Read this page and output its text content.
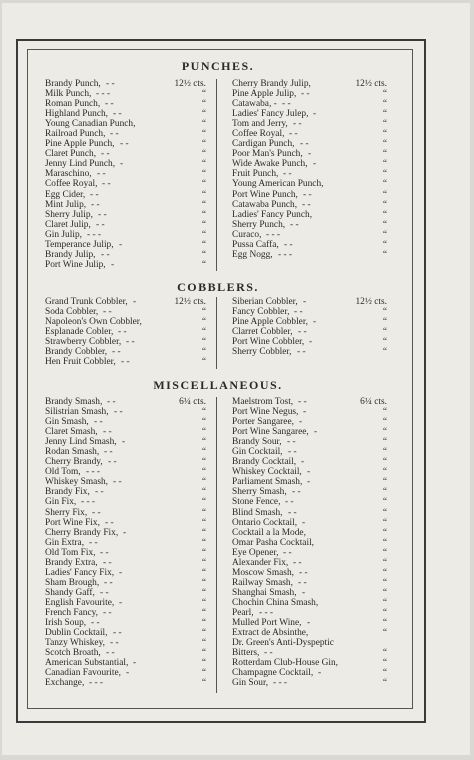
PUNCHES.
Brandy Punch, - -	12½ cts.
Milk Punch, - - -	“
Roman Punch, - -	“
Highland Punch, - -	“
Young Canadian Punch,	“
Railroad Punch, - -	“
Pine Apple Punch, - -	“
Claret Punch, - -	“
Jenny Lind Punch, -	“
Maraschino, - -	“
Coffee Royal, - -	“
Egg Cider, - -	“
Mint Julip, - -	“
Sherry Julip, - -	“
Claret Julip, - -	“
Gin Julip, - - -	“
Temperance Julip, -	“
Brandy Julip, - -	“
Port Wine Julip, -	“
Cherry Brandy Julip,	12½ cts.
Pine Apple Julip, - -	“
Catawaba, - - -	“
Ladies' Fancy Julep, -	“
Tom and Jerry, - -	“
Coffee Royal, - -	“
Cardigan Punch, - -	“
Poor Man's Punch, -	“
Wide Awake Punch, -	“
Fruit Punch, - -	“
Young American Punch,	“
Port Wine Punch, - -	“
Catawaba Punch, - -	“
Ladies' Fancy Punch,	“
Sherry Punch, - -	“
Curaco, - - -	“
Pussa Caffa, - -	“
Egg Nogg, - - -	“
COBBLERS.
Grand Trunk Cobbler, -	12½ cts.
Soda Cobbler, - -	“
Napoleon's Own Cobbler,	“
Esplanade Cobler, - -	“
Strawberry Cobbler, - -	“
Brandy Cobbler, - -	“
Hen Fruit Cobbler, - -	“
Siberian Cobbler, -	12½ cts.
Fancy Cobbler, - -	“
Pine Apple Cobbler, -	“
Clarret Cobbler, - -	“
Port Wine Cobbler, -	“
Sherry Cobbler, - -	“
MISCELLANEOUS.
Brandy Smash, - -	6¼ cts.
Silistrian Smash, - -	“
Gin Smash, - -	“
Claret Smash, - -	“
Jenny Lind Smash, -	“
Rodan Smash, - -	“
Cherry Brandy, - -	“
Old Tom, - - -	“
Whiskey Smash, - -	“
Brandy Fix, - -	“
Gin Fix, - - -	“
Sherry Fix, - -	“
Port Wine Fix, - -	“
Cherry Brandy Fix, -	“
Gin Extra, - -	“
Old Tom Fix, - -	“
Brandy Extra, - -	“
Ladies' Fancy Fix, -	“
Sham Brough, - -	“
Shandy Gaff, - -	“
English Favourite, -	“
French Fancy, - -	“
Irish Soup, - -	“
Dublin Cocktail, - -	“
Tanzy Whiskey, - -	“
Scotch Broath, - -	“
American Substantial, -	“
Canadian Favourite, -	“
Exchange, - - -	“
Maelstrom Tost, - -	6¼ cts.
Port Wine Negus, -	“
Porter Sangaree, -	“
Port Wine Sangaree, -	“
Brandy Sour, - -	“
Gin Cocktail, - -	“
Brandy Cocktail, -	“
Whiskey Cocktail, -	“
Parliament Smash, -	“
Sherry Smash, - -	“
Stone Fence, - -	“
Blind Smash, - -	“
Ontario Cocktail, -	“
Cocktail a la Mode,	“
Omar Pasha Cocktail,	“
Eye Opener, - -	“
Alexander Fix, - -	“
Moscow Smash, - -	“
Railway Smash, - -	“
Shanghai Smash, -	“
Chochin China Smash,	“
Pearl, - - -	“
Mulled Port Wine, -	“
Extract de Absinthe,	“
Dr. Green's Anti-Dyspeptic
Bitters, - -	“
Rotterdam Club-House Gin,	“
Champagne Cocktail, -	“
Gin Sour, - - -	“
